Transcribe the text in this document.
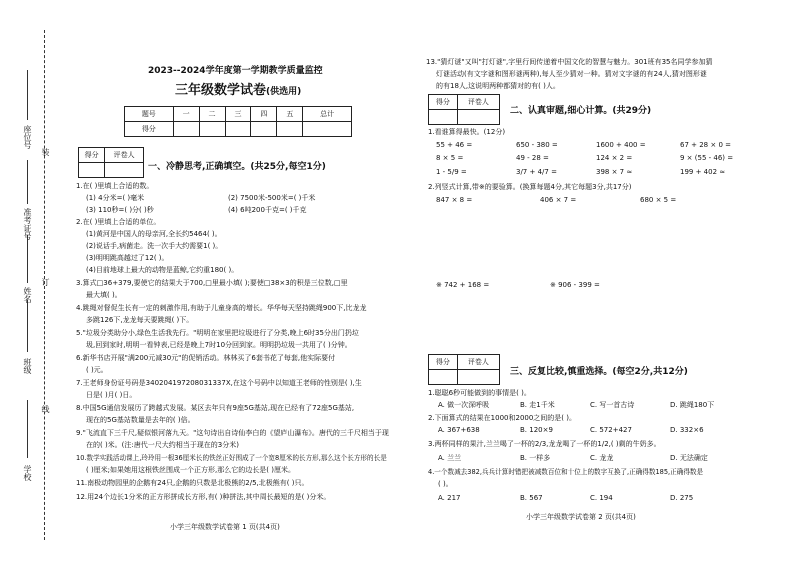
装
订
线
学校
班级
姓名
准考证号
座位号
2023--2024学年度第一学期教学质量监控
三年级数学试卷(供选用)
题号	一	二	三	四	五	总计
得分						
得分	评卷人

一、冷静思考,正确填空。(共25分,每空1分)
1.在( )里填上合适的数。
(1) 4分米=( )毫米	(2) 7500米-500米=( )千米
(3) 110秒=( )分( )秒	(4) 6吨200千克=( )千克
2.在( )里填上合适的单位。
(1)黄河是中国人的母亲河,全长约5464( )。
(2)说话手,病菌走。洗一次手大约需要1( )。
(3)明明跳高越过了12( )。
(4)目前地球上最大的动物是蓝鲸,它约重180( )。
3.算式□36+379,要使它的结果大于700,□里最小填( );要使□38×3的积是三位数,□里
最大填( )。
4.跳绳对督促生长有一定的刺激作用,有助于儿童身高的增长。华华每天坚持跳绳900下,比龙龙
多跳126下,龙龙每天要跳绳( )下。
5."垃圾分类助分小,绿色生活我先行。"明明在家里把垃圾进行了分类,晚上6时35分出门扔垃
圾,回到家时,明明一看钟表,已经是晚上7时10分回到家。明明扔垃圾一共用了( )分钟。
6.新华书店开展"满200元减30元"的促销活动。林林买了6套书花了每套,他实际要付
( )元。
7.王老师身份证号码是340204197208031337X,在这个号码中以知道王老师的性别是( ),生
日是( )月( )日。
8.中国5G通信发展历了跨越式发展。某区去年只有9座5G基站,现在已经有了72座5G基站,
现在的5G基站数量是去年的( )倍。
9."飞流直下三千尺,疑似银河落九天。"这句诗出自诗仙李白的《望庐山瀑布》。唐代的三千尺相当于现
在的( )米。(注:唐代一尺大约相当于现在的3分米)
10.数学实践活动课上,玲玲用一根36厘米长的铁丝正好围成了一个宽8厘米的长方形,那么这个长方形的长是
( )厘米;如果她用这根铁丝围成一个正方形,那么它的边长是( )厘米。
11.南极动物园里的企鹅有24只,企鹅的只数是北极熊的2/5,北极熊有( )只。
12.用24个边长1分米的正方形拼成长方形,有( )种拼法,其中周长最短的是( )分米。
小学三年级数学试卷第 1 页(共4页)
13."猜灯谜"又叫"打灯谜",字里行间传递着中国文化的智慧与魅力。301班有35名同学参加猜
灯谜活动(有文字谜和图形谜两种),每人至少猜对一种。猜对文字谜的有24人,猜对图形谜
的有18人,这说明两种都猜对的有( )人。
得分	评卷人

二、认真审题,细心计算。(共29分)
1.看谁算得最快。(12分)
55 + 46 =	650 - 380 =	1600 + 400 =	67 + 28 × 0 =
8 × 5 =	49 - 28 =	124 × 2 =	9 × (55 - 46) =
1 - 5/9 =	3/7 + 4/7 =	398 × 7 ≈	199 + 402 ≈
2.列竖式计算,带※的要验算。(换算每题4分,其它每题3分,共17分)
847 × 8 =	406 × 7 =	680 × 5 =
※ 742 + 168 =	※ 906 - 399 =
得分	评卷人

三、反复比较,慎重选择。(每空2分,共12分)
1.聪聪6秒可能做到的事情是( )。
A. 做一次深呼吸	B. 走1千米	C. 写一首古诗	D. 跳绳180下
2.下面算式的结果在1000和2000之间的是( )。
A. 367+638	B. 120×9	C. 572+427	D. 332×6
3.两杯同样的果汁,兰兰喝了一杯的2/3,龙龙喝了一杯的1/2,( )剩的牛奶多。
A. 兰兰	B. 一样多	C. 龙龙	D. 无法确定
4.一个数减去382,兵兵计算时错把被减数百位和十位上的数字互换了,正确得数185,正确得数是
( )。
A. 217	B. 567	C. 194	D. 275
小学三年级数学试卷第 2 页(共4页)
